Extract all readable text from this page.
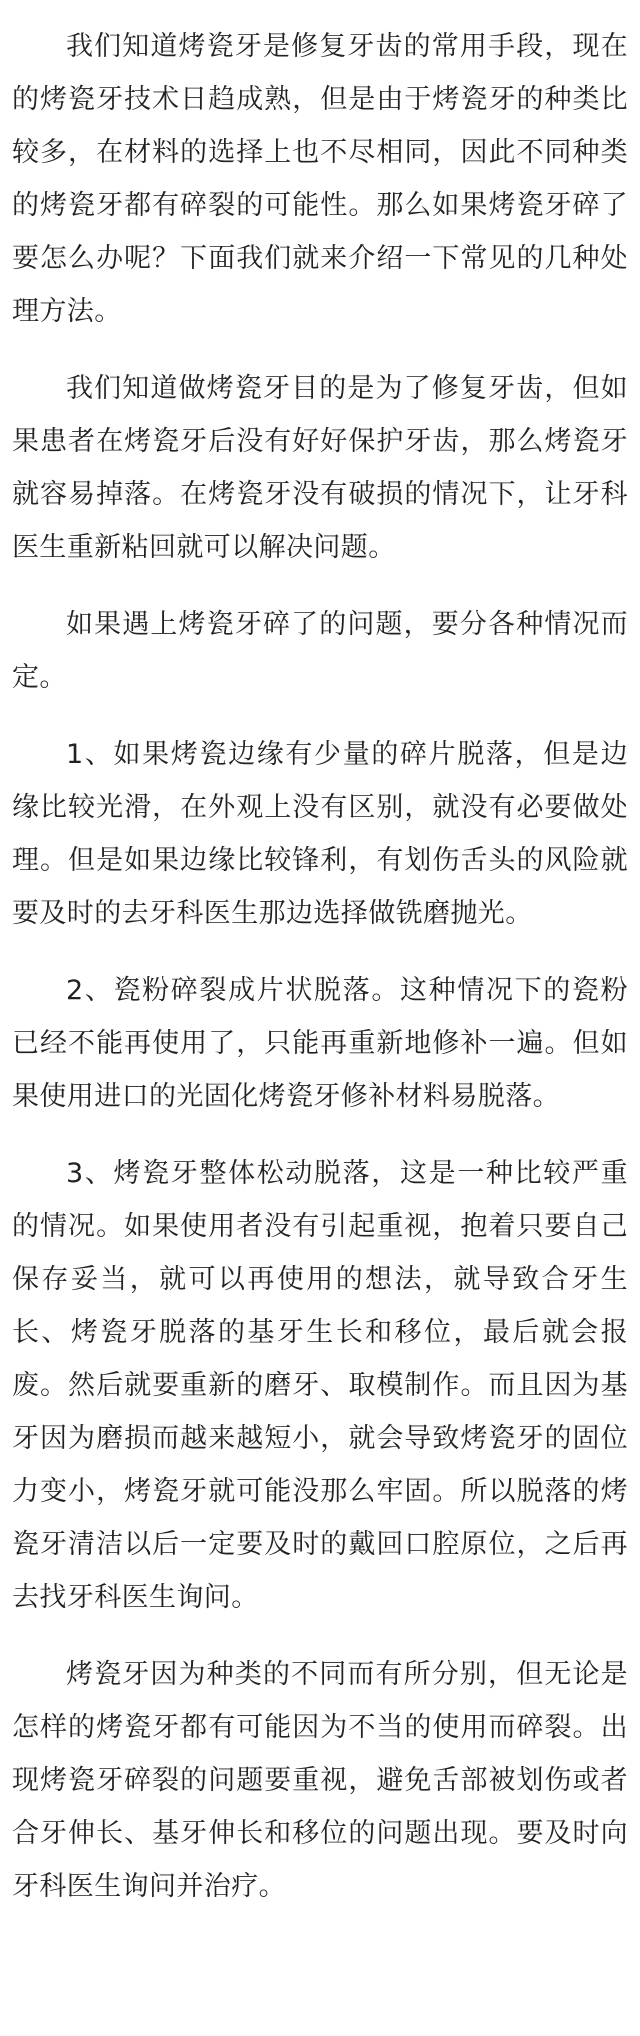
我们知道烤瓷牙是修复牙齿的常用手段，现在的烤瓷牙技术日趋成熟，但是由于烤瓷牙的种类比较多，在材料的选择上也不尽相同，因此不同种类的烤瓷牙都有碎裂的可能性。那么如果烤瓷牙碎了要怎么办呢？下面我们就来介绍一下常见的几种处理方法。

我们知道做烤瓷牙目的是为了修复牙齿，但如果患者在烤瓷牙后没有好好保护牙齿，那么烤瓷牙就容易掉落。在烤瓷牙没有破损的情况下，让牙科医生重新粘回就可以解决问题。

如果遇上烤瓷牙碎了的问题，要分各种情况而定。

1、如果烤瓷边缘有少量的碎片脱落，但是边缘比较光滑，在外观上没有区别，就没有必要做处理。但是如果边缘比较锋利，有划伤舌头的风险就要及时的去牙科医生那边选择做铣磨抛光。

2、瓷粉碎裂成片状脱落。这种情况下的瓷粉已经不能再使用了，只能再重新地修补一遍。但如果使用进口的光固化烤瓷牙修补材料易脱落。

3、烤瓷牙整体松动脱落，这是一种比较严重的情况。如果使用者没有引起重视，抱着只要自己保存妥当，就可以再使用的想法，就导致合牙生长、烤瓷牙脱落的基牙生长和移位，最后就会报废。然后就要重新的磨牙、取模制作。而且因为基牙因为磨损而越来越短小，就会导致烤瓷牙的固位力变小，烤瓷牙就可能没那么牢固。所以脱落的烤瓷牙清洁以后一定要及时的戴回口腔原位，之后再去找牙科医生询问。

烤瓷牙因为种类的不同而有所分别，但无论是怎样的烤瓷牙都有可能因为不当的使用而碎裂。出现烤瓷牙碎裂的问题要重视，避免舌部被划伤或者合牙伸长、基牙伸长和移位的问题出现。要及时向牙科医生询问并治疗。
